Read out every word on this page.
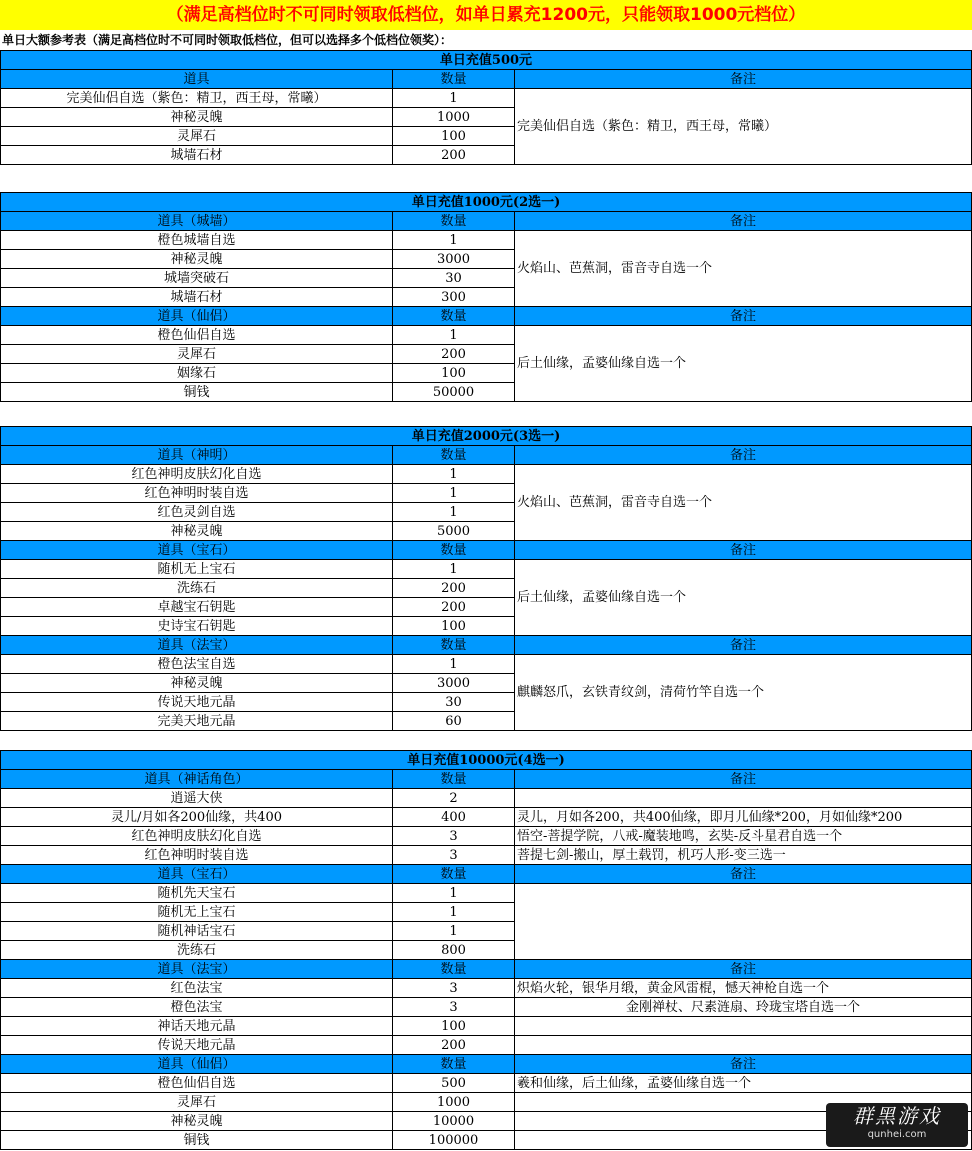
（满足高档位时不可同时领取低档位，如单日累充1200元，只能领取1000元档位）
单日大额参考表（满足高档位时不可同时领取低档位，但可以选择多个低档位领奖）：
单日充值500元		
道具	数量	备注
完美仙侣自选（紫色：精卫，西王母，常曦）	1	完美仙侣自选（紫色：精卫，西王母，常曦）
神秘灵魄	1000	
灵犀石	100	
城墙石材	200	
单日充值1000元(2选一)		
道具（城墙）	数量	备注
橙色城墙自选	1	火焰山、芭蕉洞，雷音寺自选一个
神秘灵魄	3000	
城墙突破石	30	
城墙石材	300	
道具（仙侣）	数量	备注
橙色仙侣自选	1	后土仙缘，孟婆仙缘自选一个
灵犀石	200	
姻缘石	100	
铜钱	50000	
单日充值2000元(3选一)		
道具（神明）	数量	备注
红色神明皮肤幻化自选	1	火焰山、芭蕉洞，雷音寺自选一个
红色神明时装自选	1	
红色灵剑自选	1	
神秘灵魄	5000	
道具（宝石）	数量	备注
随机无上宝石	1	后土仙缘，孟婆仙缘自选一个
洗练石	200	
卓越宝石钥匙	200	
史诗宝石钥匙	100	
道具（法宝）	数量	备注
橙色法宝自选	1	麒麟怒爪，玄铁青纹剑，清荷竹竿自选一个
神秘灵魄	3000	
传说天地元晶	30	
完美天地元晶	60	
单日充值10000元(4选一)		
道具（神话角色）	数量	备注
逍遥大侠	2	
灵儿/月如各200仙缘，共400	400	灵儿，月如各200，共400仙缘，即月儿仙缘*200，月如仙缘*200
红色神明皮肤幻化自选	3	悟空-菩提学院，八戒-魔装地鸣，玄奘-反斗星君自选一个
红色神明时装自选	3	菩提七剑-搬山，厚土载罚，机巧人形-变三选一
道具（宝石）	数量	备注
随机先天宝石	1	
随机无上宝石	1	
随机神话宝石	1	
洗练石	800	
道具（法宝）	数量	备注
红色法宝	3	炽焰火轮，银华月缎，黄金风雷棍，憾天神枪自选一个
橙色法宝	3	金刚禅杖、尺素涟扇、玲珑宝塔自选一个
神话天地元晶	100	
传说天地元晶	200	
道具（仙侣）	数量	备注
橙色仙侣自选	500	羲和仙缘，后土仙缘，孟婆仙缘自选一个
灵犀石	1000	
神秘灵魄	10000	
铜钱	100000	
群黑游戏
qunhei.com
